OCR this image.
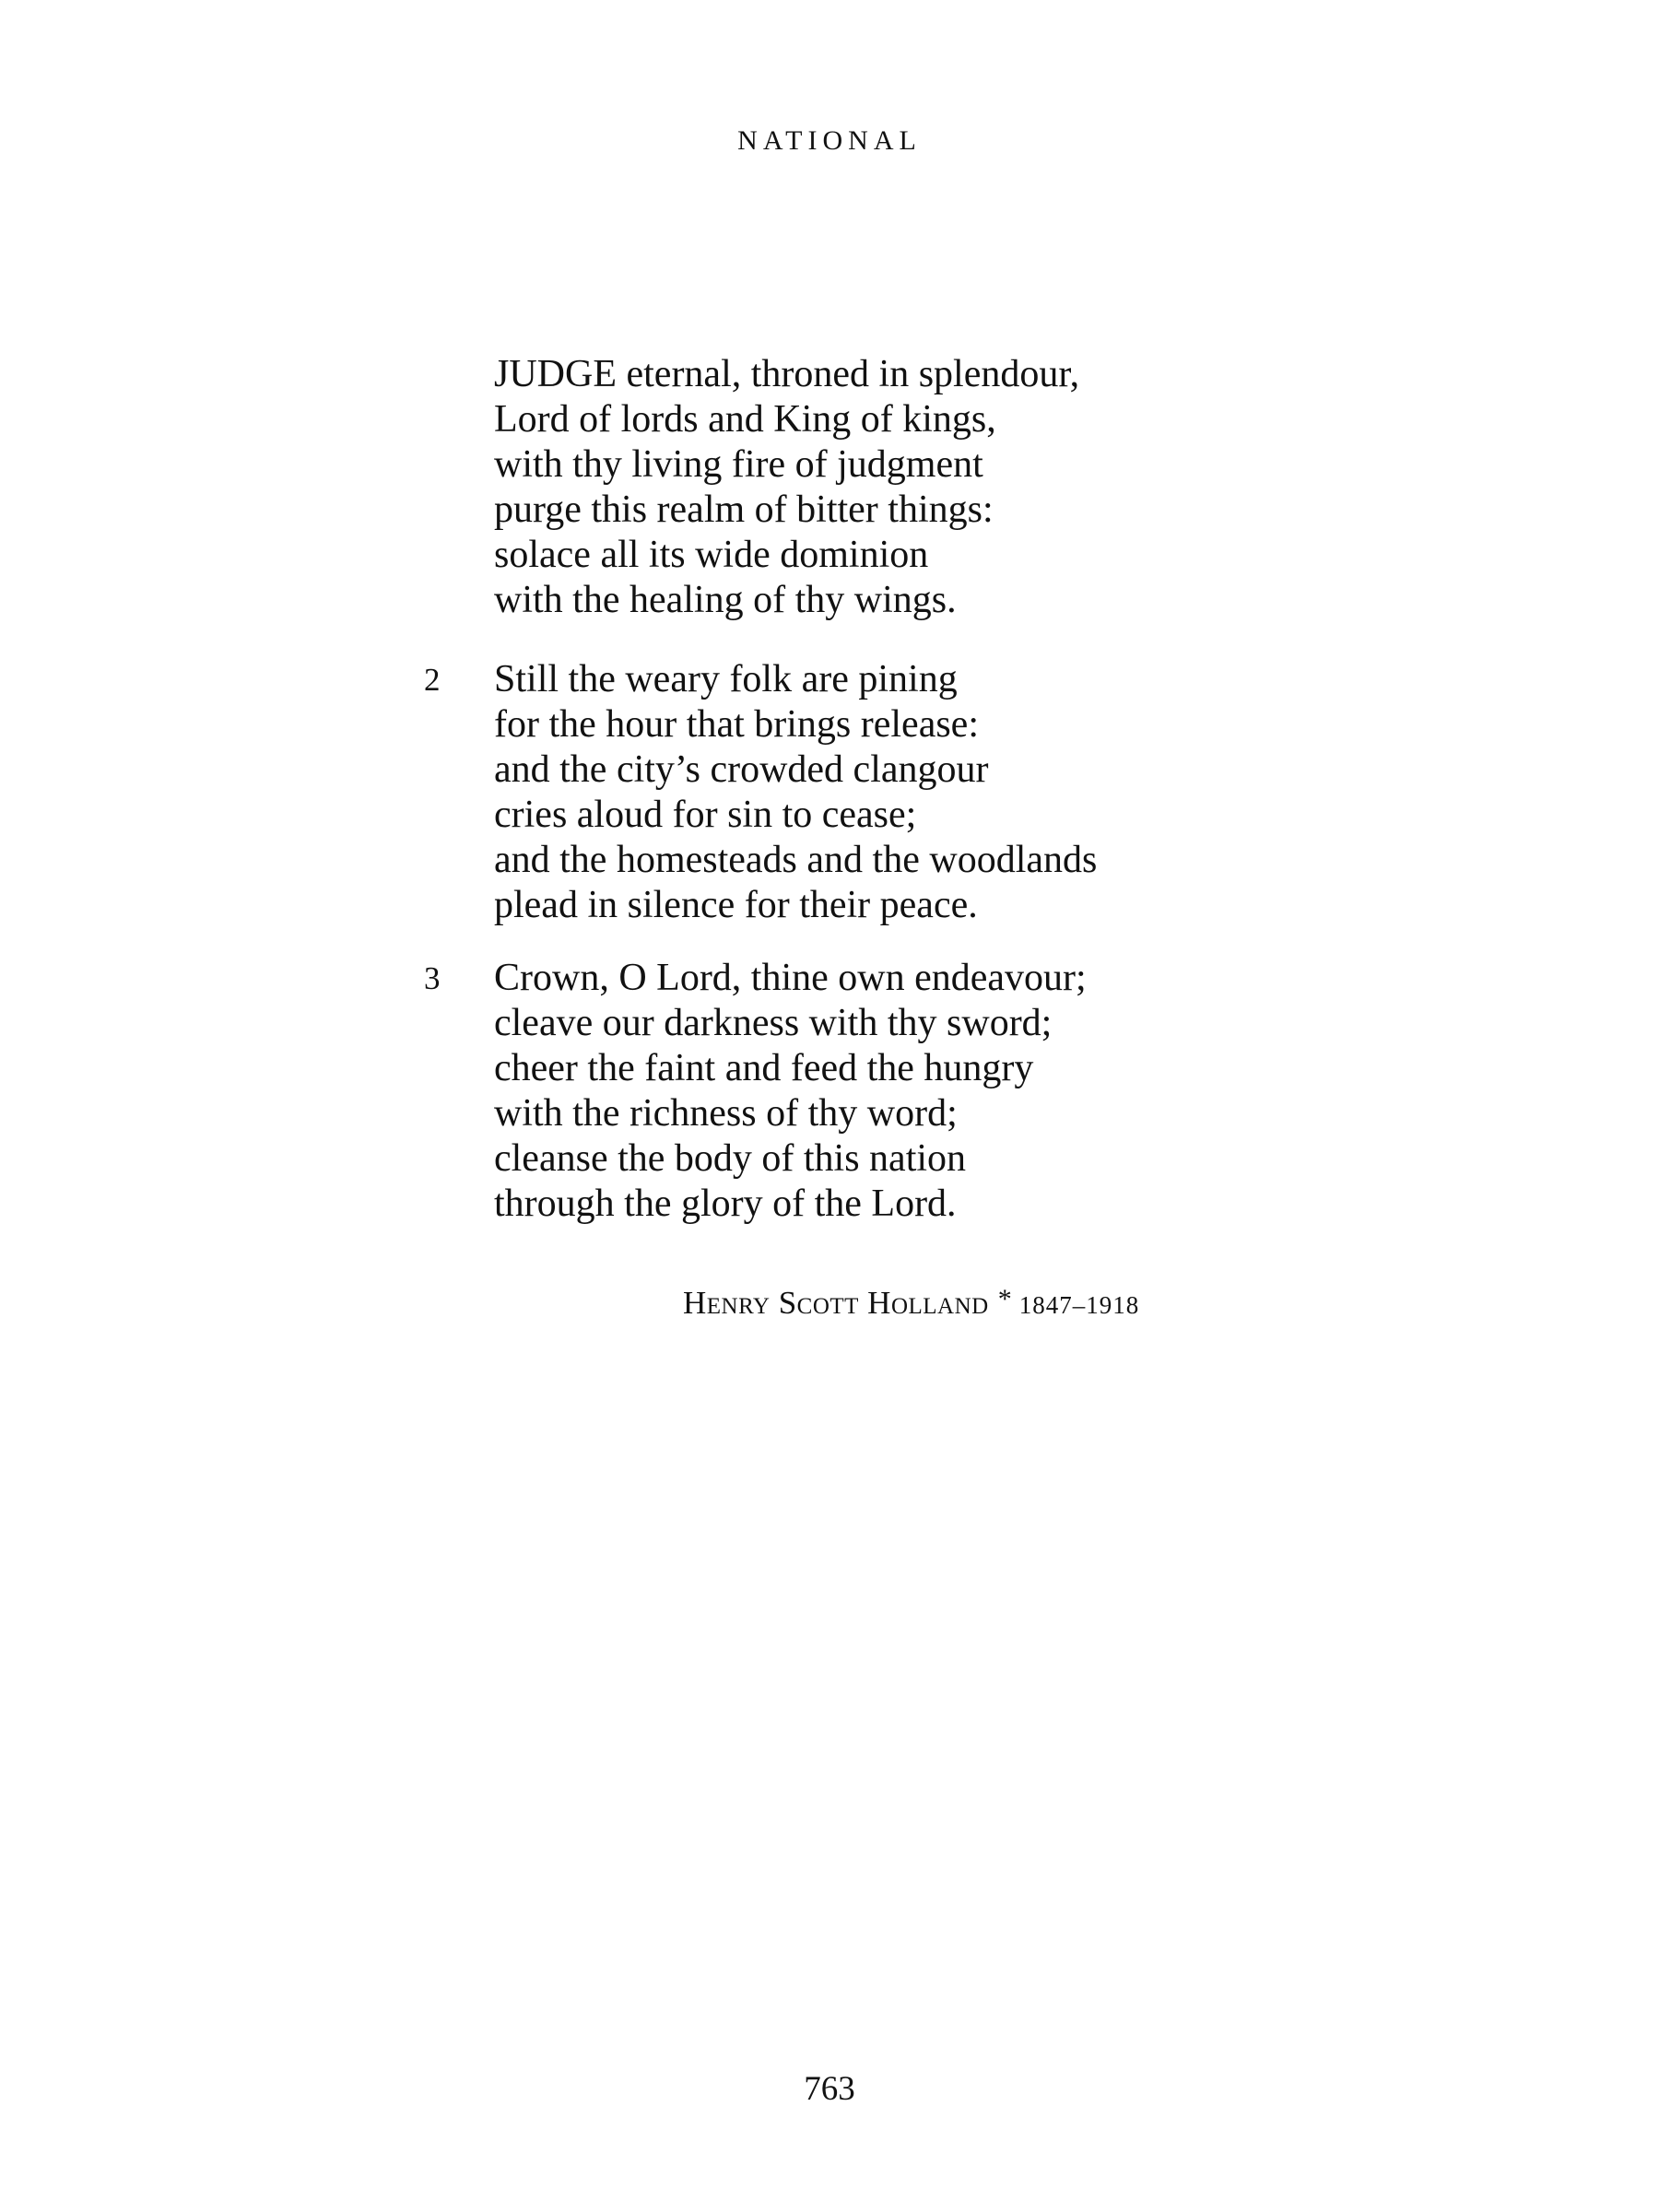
NATIONAL
JUDGE eternal, throned in splendour,
Lord of lords and King of kings,
with thy living fire of judgment
purge this realm of bitter things:
solace all its wide dominion
with the healing of thy wings.
2 Still the weary folk are pining
for the hour that brings release:
and the city’s crowded clangour
cries aloud for sin to cease;
and the homesteads and the woodlands
plead in silence for their peace.
3 Crown, O Lord, thine own endeavour;
cleave our darkness with thy sword;
cheer the faint and feed the hungry
with the richness of thy word;
cleanse the body of this nation
through the glory of the Lord.
Henry Scott Holland * 1847–1918
763
